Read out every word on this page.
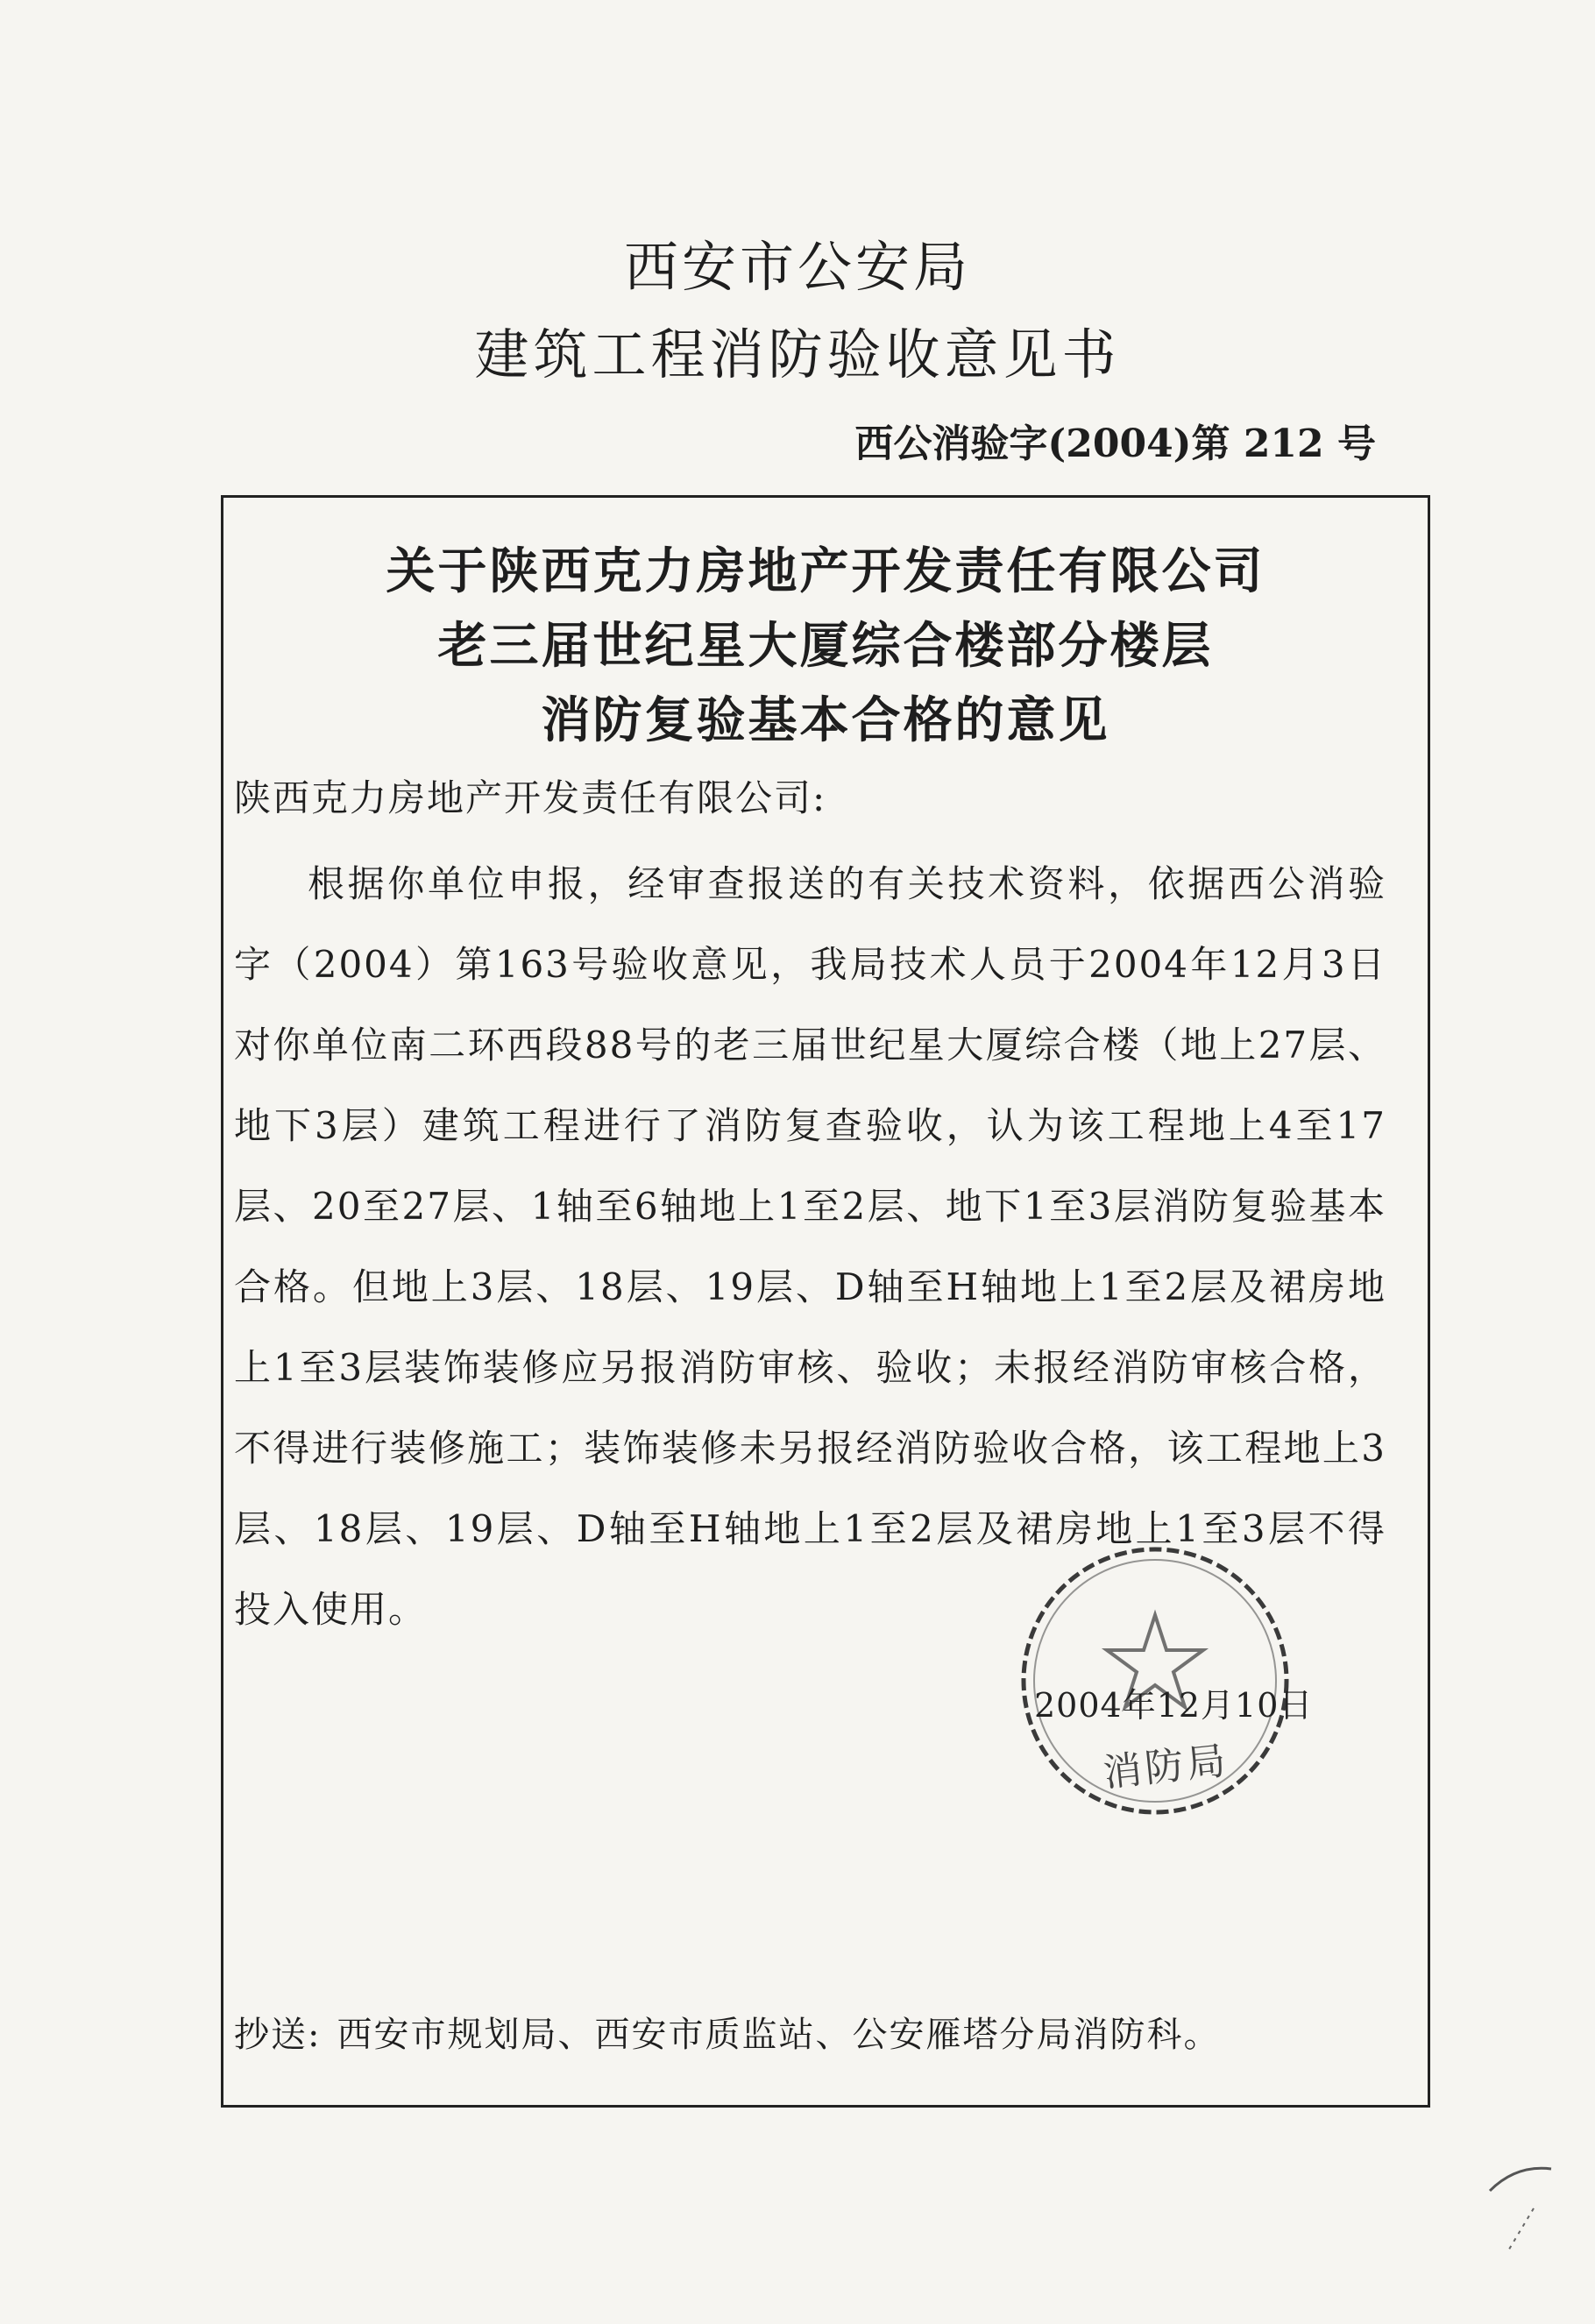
西安市公安局
建筑工程消防验收意见书
西公消验字(2004)第 212 号
关于陕西克力房地产开发责任有限公司
老三届世纪星大厦综合楼部分楼层
消防复验基本合格的意见
陕西克力房地产开发责任有限公司:

根据你单位申报，经审查报送的有关技术资料，依据西公消验字（2004）第163号验收意见，我局技术人员于2004年12月3日对你单位南二环西段88号的老三届世纪星大厦综合楼（地上27层、地下3层）建筑工程进行了消防复查验收，认为该工程地上4至17层、20至27层、1轴至6轴地上1至2层、地下1至3层消防复验基本合格。但地上3层、18层、19层、D轴至H轴地上1至2层及裙房地上1至3层装饰装修应另报消防审核、验收；未报经消防审核合格，不得进行装修施工；装饰装修未另报经消防验收合格，该工程地上3层、18层、19层、D轴至H轴地上1至2层及裙房地上1至3层不得投入使用。

抄送: 西安市规划局、西安市质监站、公安雁塔分局消防科。
2004年12月10日
消防局
